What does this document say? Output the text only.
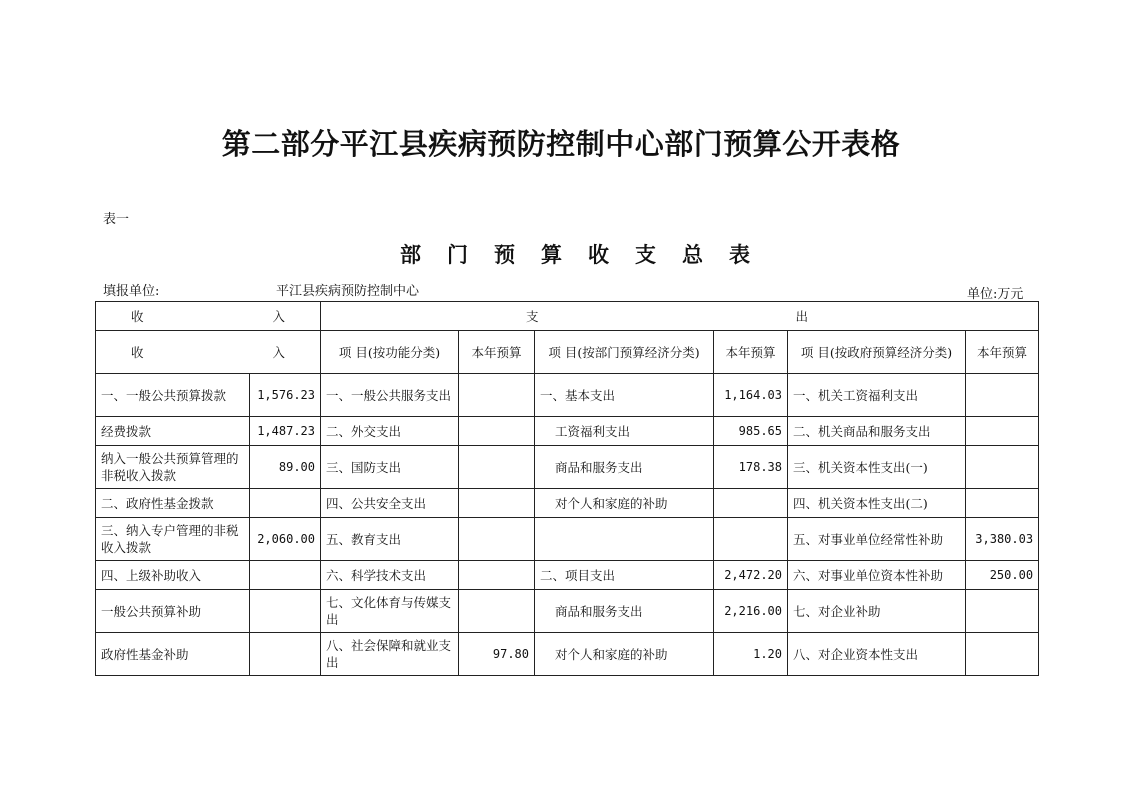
第二部分平江县疾病预防控制中心部门预算公开表格
表一
部 门 预 算 收 支 总 表
填报单位:	平江县疾病预防控制中心	单位:万元
收 入		支 出					

收 入		项 目(按功能分类)	本年预算	项 目(按部门预算经济分类)	本年预算	项 目(按政府预算经济分类)	本年预算
一、一般公共预算拨款	1,576.23	一、一般公共服务支出		一、基本支出	1,164.03	一、机关工资福利支出	
经费拨款	1,487.23	二、外交支出		工资福利支出	985.65	二、机关商品和服务支出	
纳入一般公共预算管理的非税收入拨款	89.00	三、国防支出		商品和服务支出	178.38	三、机关资本性支出(一)	
二、政府性基金拨款		四、公共安全支出		对个人和家庭的补助		四、机关资本性支出(二)	
三、纳入专户管理的非税收入拨款	2,060.00	五、教育支出				五、对事业单位经常性补助	3,380.03
四、上级补助收入		六、科学技术支出		二、项目支出	2,472.20	六、对事业单位资本性补助	250.00
一般公共预算补助		七、文化体育与传媒支出		商品和服务支出	2,216.00	七、对企业补助	
政府性基金补助		八、社会保障和就业支出	97.80	对个人和家庭的补助	1.20	八、对企业资本性支出	
